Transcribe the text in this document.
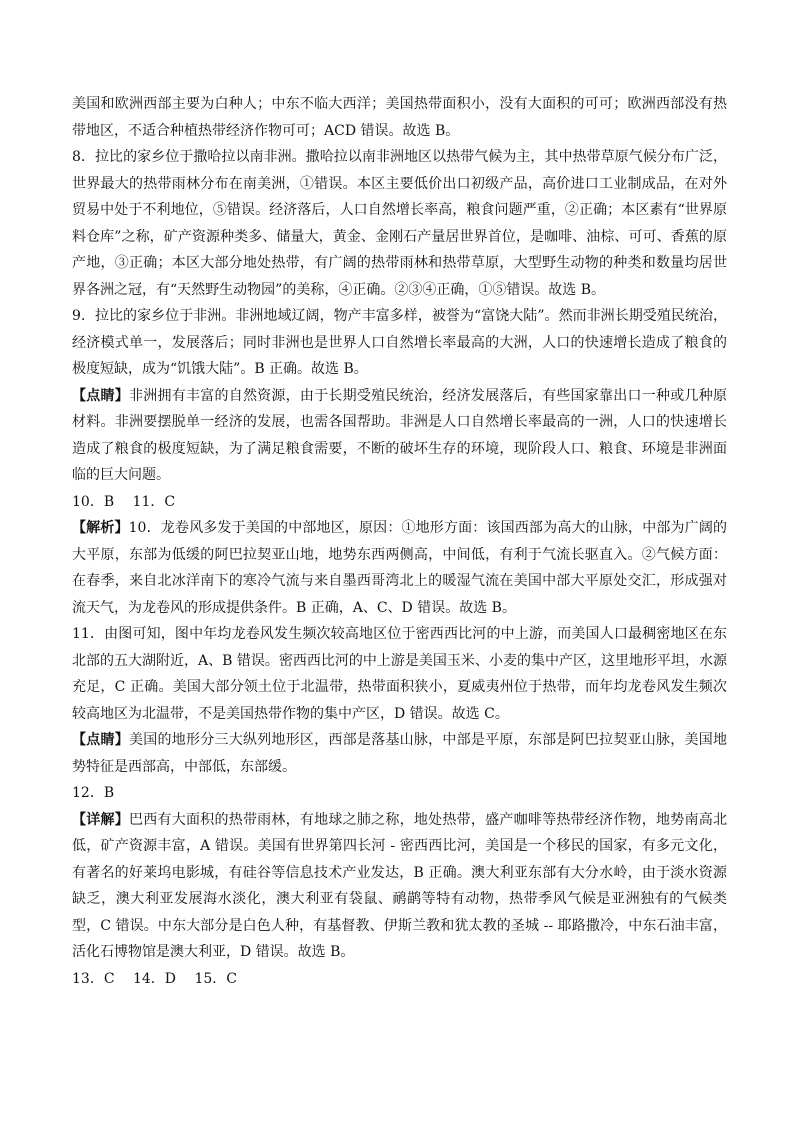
美国和欧洲西部主要为白种人；中东不临大西洋；美国热带面积小，没有大面积的可可；欧洲西部没有热带地区，不适合种植热带经济作物可可；ACD 错误。故选 B。

8．拉比的家乡位于撒哈拉以南非洲。撒哈拉以南非洲地区以热带气候为主，其中热带草原气候分布广泛，世界最大的热带雨林分布在南美洲，①错误。本区主要低价出口初级产品，高价进口工业制成品，在对外贸易中处于不利地位，⑤错误。经济落后，人口自然增长率高，粮食问题严重，②正确；本区素有“世界原料仓库”之称，矿产资源种类多、储量大，黄金、金刚石产量居世界首位，是咖啡、油棕、可可、香蕉的原产地，③正确；本区大部分地处热带，有广阔的热带雨林和热带草原，大型野生动物的种类和数量均居世界各洲之冠，有“天然野生动物园”的美称，④正确。②③④正确，①⑤错误。故选 B。

9．拉比的家乡位于非洲。非洲地域辽阔，物产丰富多样，被誉为“富饶大陆”。然而非洲长期受殖民统治，经济模式单一，发展落后；同时非洲也是世界人口自然增长率最高的大洲，人口的快速增长造成了粮食的极度短缺，成为“饥饿大陆”。B 正确。故选 B。

【点睛】非洲拥有丰富的自然资源，由于长期受殖民统治，经济发展落后，有些国家靠出口一种或几种原材料。非洲要摆脱单一经济的发展，也需各国帮助。非洲是人口自然增长率最高的一洲，人口的快速增长造成了粮食的极度短缺，为了满足粮食需要，不断的破坏生存的环境，现阶段人口、粮食、环境是非洲面临的巨大问题。

10．B　 11．C

【解析】10．龙卷风多发于美国的中部地区，原因：①地形方面：该国西部为高大的山脉，中部为广阔的大平原，东部为低缓的阿巴拉契亚山地，地势东西两侧高，中间低，有利于气流长驱直入。②气候方面：在春季，来自北冰洋南下的寒冷气流与来自墨西哥湾北上的暖湿气流在美国中部大平原处交汇，形成强对流天气，为龙卷风的形成提供条件。B 正确，A、C、D 错误。故选 B。

11．由图可知，图中年均龙卷风发生频次较高地区位于密西西比河的中上游，而美国人口最稠密地区在东北部的五大湖附近，A、B 错误。密西西比河的中上游是美国玉米、小麦的集中产区，这里地形平坦，水源充足，C 正确。美国大部分领土位于北温带，热带面积狭小，夏威夷州位于热带，而年均龙卷风发生频次较高地区为北温带，不是美国热带作物的集中产区，D 错误。故选 C。

【点睛】美国的地形分三大纵列地形区，西部是落基山脉，中部是平原，东部是阿巴拉契亚山脉，美国地势特征是西部高，中部低，东部缓。

12．B

【详解】巴西有大面积的热带雨林，有地球之肺之称，地处热带，盛产咖啡等热带经济作物，地势南高北低，矿产资源丰富，A 错误。美国有世界第四长河 - 密西西比河，美国是一个移民的国家，有多元文化，有著名的好莱坞电影城，有硅谷等信息技术产业发达，B 正确。澳大利亚东部有大分水岭，由于淡水资源缺乏，澳大利亚发展海水淡化，澳大利亚有袋鼠、鸸鹋等特有动物，热带季风气候是亚洲独有的气候类型，C 错误。中东大部分是白色人种，有基督教、伊斯兰教和犹太教的圣城 -- 耶路撒冷，中东石油丰富，活化石博物馆是澳大利亚，D 错误。故选 B。

13．C　 14．D　 15．C
